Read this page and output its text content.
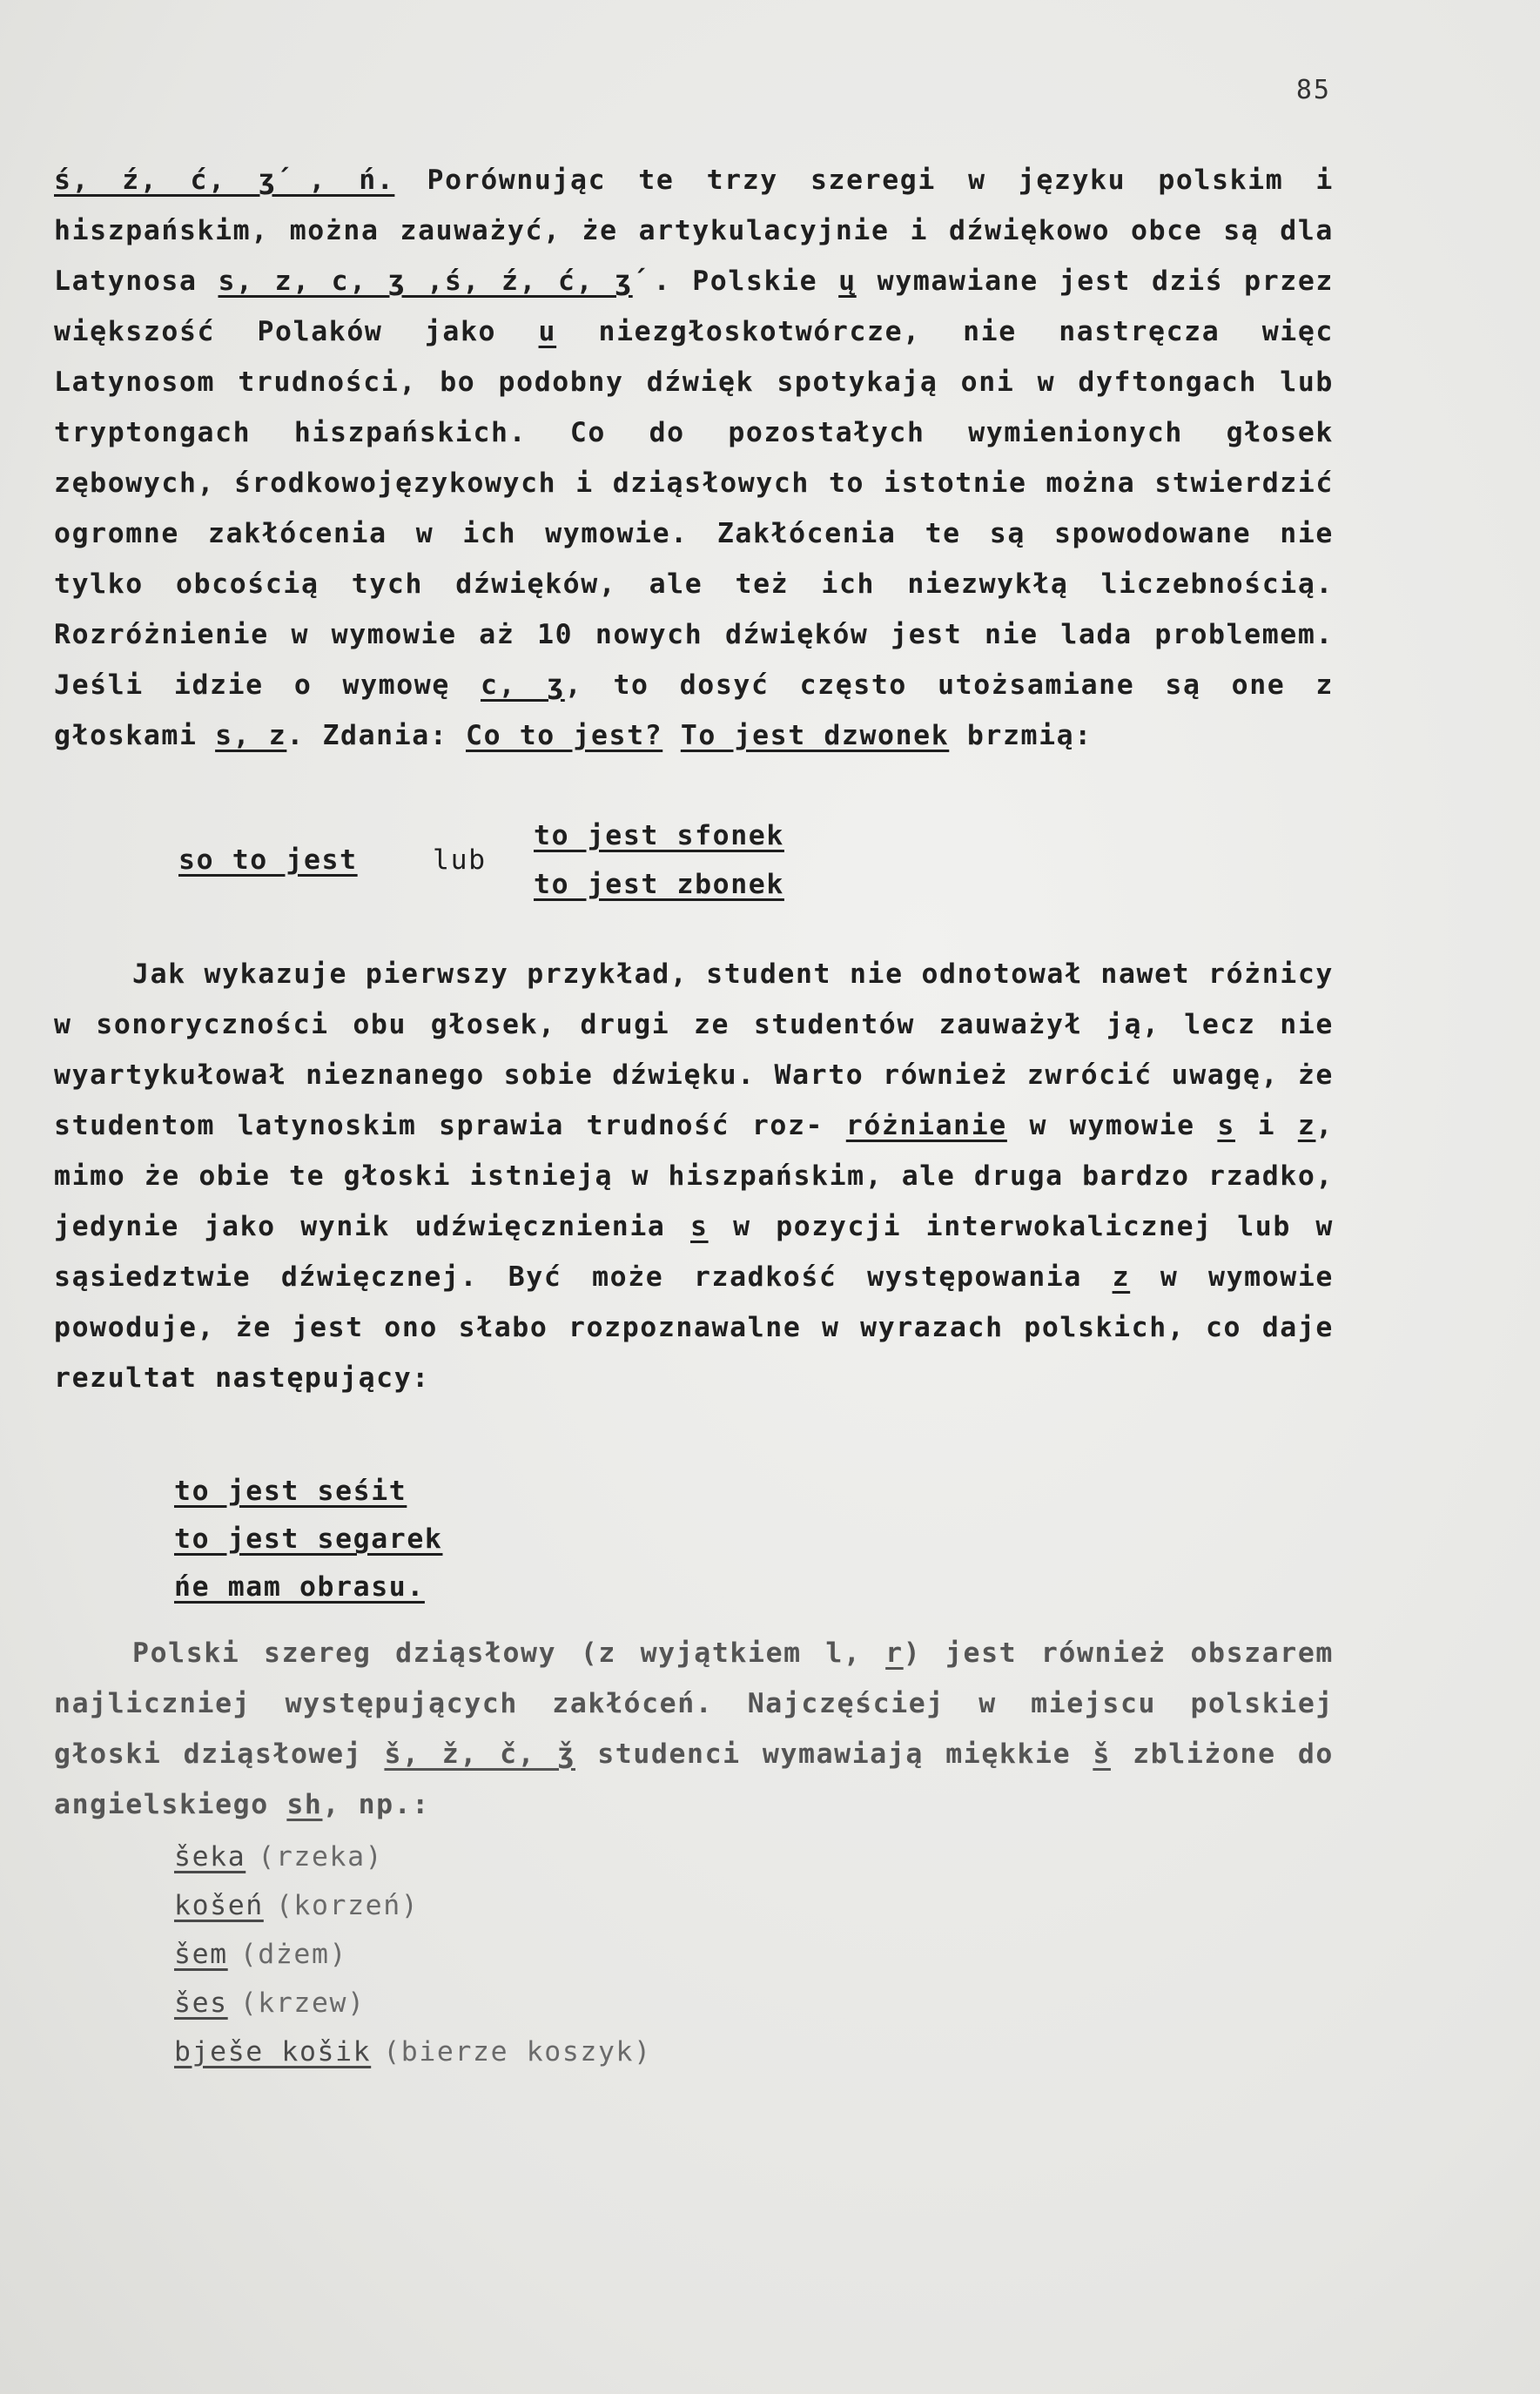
85

ś, ź, ć, ʒ́ , ń. Porównując te trzy szeregi w języku polskim i hiszpańskim, można zauważyć, że artykulacyjnie i dźwiękowo obce są dla Latynosa s, z, c, ʒ ,ś, ź, ć, ʒ́ . Polskie ų wymawiane jest dziś przez większość Polaków jako u niezgłoskotwórcze, nie nastręcza więc Latynosom trudności, bo podobny dźwięk spotykają oni w dyftongach lub tryptongach hiszpańskich. Co do pozostałych wymienionych głosek zębowych, środkowojęzykowych i dziąsłowych to istotnie można stwierdzić ogromne zakłócenia w ich wymowie. Zakłócenia te są spowodowane nie tylko obcością tych dźwięków, ale też ich niezwykłą liczebnością. Rozróżnienie w wymowie aż 10 nowych dźwięków jest nie lada problemem. Jeśli idzie o wymowę c, ʒ, to dosyć często utożsamiane są one z głoskami s, z. Zdania: Co to jest? To jest dzwonek brzmią:

so to jest	lub
to jest sfonek
to jest zbonek

Jak wykazuje pierwszy przykład, student nie odnotował nawet różnicy w sonoryczności obu głosek, drugi ze studentów zauważył ją, lecz nie wyartykułował nieznanego sobie dźwięku. Warto również zwrócić uwagę, że studentom latynoskim sprawia trudność roz- różnianie w wymowie s i z, mimo że obie te głoski istnieją w hiszpańskim, ale druga bardzo rzadko, jedynie jako wynik udźwięcznienia s w pozycji interwokalicznej lub w sąsiedztwie dźwięcznej. Być może rzadkość występowania z w wymowie powoduje, że jest ono słabo rozpoznawalne w wyrazach polskich, co daje rezultat następujący:

to jest seśit
to jest segarek
ńe mam obrasu.

Polski szereg dziąsłowy (z wyjątkiem l, r) jest również obszarem najliczniej występujących zakłóceń. Najczęściej w miejscu polskiej głoski dziąsłowej š, ž, č, ǯ studenci wymawiają miękkie š zbliżone do angielskiego sh, np.:

šeka (rzeka)
košeń (korzeń)
šem (dżem)
šes (krzew)
bješe košik (bierze koszyk)
